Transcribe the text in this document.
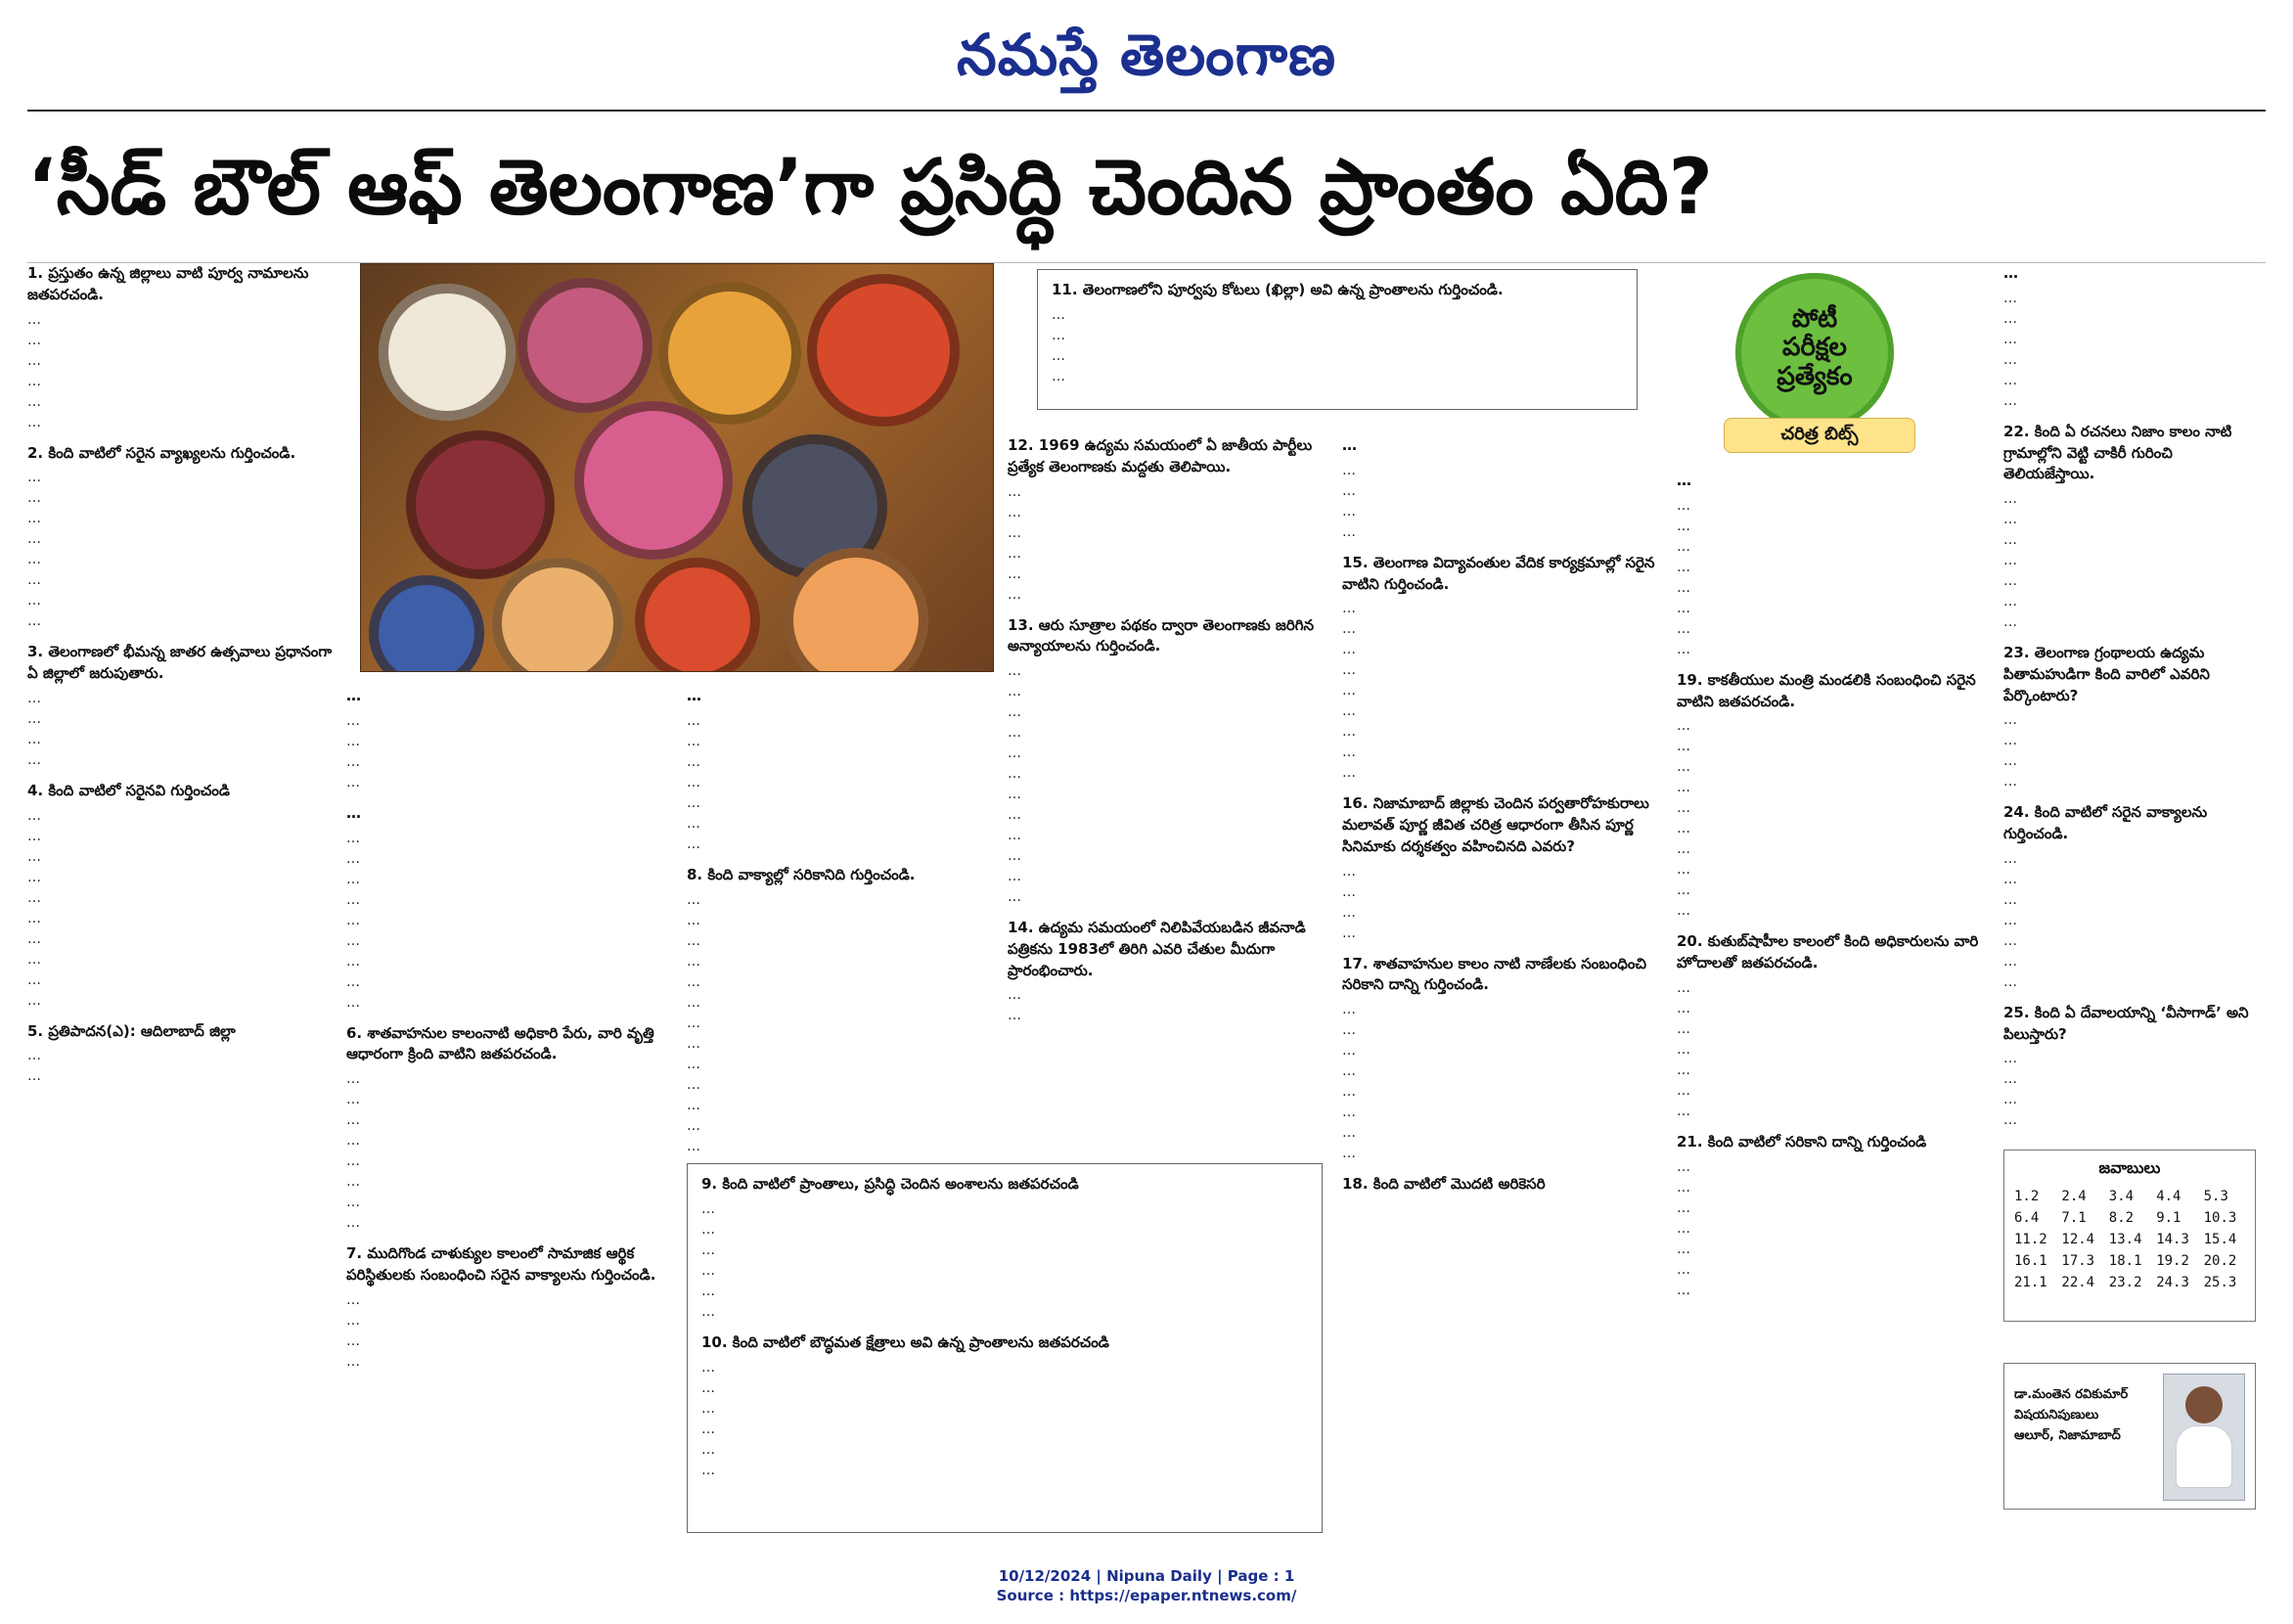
నమస్తే తెలంగాణ
‘సీడ్ బౌల్ ఆఫ్ తెలంగాణ’గా ప్రసిద్ధి చెందిన ప్రాంతం ఏది?
1. ప్రస్తుతం ఉన్న జిల్లాలు వాటి పూర్వ నామాలను జతపరచండి.
…
…
…
…
…
…
2. కింది వాటిలో సరైన వ్యాఖ్యలను గుర్తించండి.
…
…
…
…
…
…
…
…
3. తెలంగాణలో భీమన్న జాతర ఉత్సవాలు ప్రధానంగా ఏ జిల్లాలో జరుపుతారు.
…
…
…
…
4. కింది వాటిలో సరైనవి గుర్తించండి
…
…
…
…
…
…
…
…
…
…
5. ప్రతిపాదన(ఎ): ఆదిలాబాద్ జిల్లా
…
…
…
…
…
…
…
…
…
…
…
…
…
…
…
…
…
6. శాతవాహనుల కాలంనాటి అధికారి పేరు, వారి వృత్తి ఆధారంగా క్రింది వాటిని జతపరచండి.
…
…
…
…
…
…
…
…
7. ముదిగొండ చాళుక్యుల కాలంలో సామాజిక ఆర్థిక పరిస్థితులకు సంబంధించి సరైన వాక్యాలను గుర్తించండి.
…
…
…
…
…
…
…
…
…
…
…
…
8. కింది వాక్యాల్లో సరికానిది గుర్తించండి.
…
…
…
…
…
…
…
…
…
…
…
…
…
11. తెలంగాణలోని పూర్వపు కోటలు (ఖిల్లా) అవి ఉన్న ప్రాంతాలను గుర్తించండి.
…
…
…
…
12. 1969 ఉద్యమ సమయంలో ఏ జాతీయ పార్టీలు ప్రత్యేక తెలంగాణకు మద్దతు తెలిపాయి.
…
…
…
…
…
…
13. ఆరు సూత్రాల పథకం ద్వారా తెలంగాణకు జరిగిన అన్యాయాలను గుర్తించండి.
…
…
…
…
…
…
…
…
…
…
…
…
14. ఉద్యమ సమయంలో నిలిపివేయబడిన జీవనాడి పత్రికను 1983లో తిరిగి ఎవరి చేతుల మీదుగా ప్రారంభించారు.
…
…
…
…
…
…
…
15. తెలంగాణ విద్యావంతుల వేదిక కార్యక్రమాల్లో సరైన వాటిని గుర్తించండి.
…
…
…
…
…
…
…
…
…
16. నిజామాబాద్ జిల్లాకు చెందిన పర్వతారోహకురాలు మలావత్ పూర్ణ జీవిత చరిత్ర ఆధారంగా తీసిన పూర్ణ సినిమాకు దర్శకత్వం వహించినది ఎవరు?
…
…
…
…
17. శాతవాహనుల కాలం నాటి నాణేలకు సంబంధించి సరికాని దాన్ని గుర్తించండి.
…
…
…
…
…
…
…
…
18. కింది వాటిలో మొదటి అరికెసరి
పోటీ
పరీక్షల
ప్రత్యేకం
చరిత్ర బిట్స్
…
…
…
…
…
…
…
…
…
19. కాకతీయుల మంత్రి మండలికి సంబంధించి సరైన వాటిని జతపరచండి.
…
…
…
…
…
…
…
…
…
…
20. కుతుబ్‌షాహీల కాలంలో కింది అధికారులను వారి హోదాలతో జతపరచండి.
…
…
…
…
…
…
…
21. కింది వాటిలో సరికాని దాన్ని గుర్తించండి
…
…
…
…
…
…
…
…
…
…
…
…
…
…
22. కింది ఏ రచనలు నిజాం కాలం నాటి గ్రామాల్లోని వెట్టి చాకిరీ గురించి తెలియజేస్తాయి.
…
…
…
…
…
…
…
23. తెలంగాణ గ్రంథాలయ ఉద్యమ పితామహుడిగా కింది వారిలో ఎవరిని పేర్కొంటారు?
…
…
…
…
24. కింది వాటిలో సరైన వాక్యాలను గుర్తించండి.
…
…
…
…
…
…
…
25. కింది ఏ దేవాలయాన్ని ‘వీసాగాడ్’ అని పిలుస్తారు?
…
…
…
…
9. కింది వాటిలో ప్రాంతాలు, ప్రసిద్ధి చెందిన అంశాలను జతపరచండి
…
…
…
…
…
…
10. కింది వాటిలో బౌద్ధమత క్షేత్రాలు అవి ఉన్న ప్రాంతాలను జతపరచండి
…
…
…
…
…
…
జవాబులు
1.2	2.4	3.4	4.4	5.3
6.4	7.1	8.2	9.1	10.3
11.2	12.4	13.4	14.3	15.4
16.1	17.3	18.1	19.2	20.2
21.1	22.4	23.2	24.3	25.3
డా.మంతెన రవికుమార్
విషయనిపుణులు
ఆలూర్, నిజామాబాద్
10/12/2024 | Nipuna Daily | Page : 1
Source : https://epaper.ntnews.com/
